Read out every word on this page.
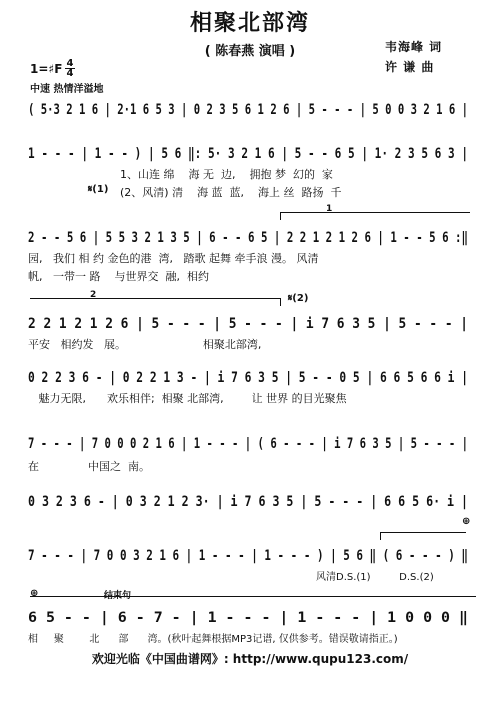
相聚北部湾
( 陈春燕 演唱 )	韦海峰 词
许 谦 曲
1=♯F 4
4
中速 热情洋溢地
( 5·3 2 1 6 | 2·1 6 5 3 | 0 2 3 5 6 1 2 6 | 5 - - - | 5 0 0 3 2 1 6 |
1 - - - | 1 - - ) | 5 6 ‖: 5· 3 2 1 6 | 5 - - 6 5 | 1· 2 3 5 6 3 |
1、山连 绵    海 无  边,    拥抱 梦  幻的  家
𝄋(1) (2、风清) 清    海 蓝  蓝,    海上 丝  路扬  千
1
2 - - 5 6 | 5 5 3 2 1 3 5 | 6 - - 6 5 | 2 2 1 2 1 2 6 | 1 - - 5 6 :‖
园,   我们 相 约 金色的港  湾,   踏歌 起舞 牵手浪 漫。 风清
帆,   一带一 路    与世界交  融,  相约
2	𝄋(2)
2 2 1 2 1 2 6 | 5 - - - | 5 - - - | i 7 6 3 5 | 5 - - - |
平安   相约发   展。                      相聚北部湾,
0 2 2 3 6 - | 0 2 2 1 3 - | i 7 6 3 5 | 5 - - 0 5 | 6 6 5 6 6 i |
魅力无限,      欢乐相伴;  相聚 北部湾,        让 世界 的目光聚焦
7 - - - | 7 0 0 0 2 1 6 | 1 - - - | ( 6 - - - | i 7 6 3 5 | 5 - - - |
在              中国之  南。
0 3 2 3 6 - | 0 3 2 1 2 3· | i 7 6 3 5 | 5 - - - | 6 6 5 6· i |
⊕
7 - - - | 7 0 0 3 2 1 6 | 1 - - - | 1 - - - ) | 5 6 ‖ ( 6 - - - ) ‖
风清D.S.(1)         D.S.(2)
结束句
⊕
6 5 - - | 6 - 7 - | 1 - - - | 1 - - - | 1 0 0 0 ‖
相     聚        北      部      湾。(秋叶起舞根据MP3记谱, 仅供参考。错误敬请指正。)
欢迎光临《中国曲谱网》: http://www.qupu123.com/
